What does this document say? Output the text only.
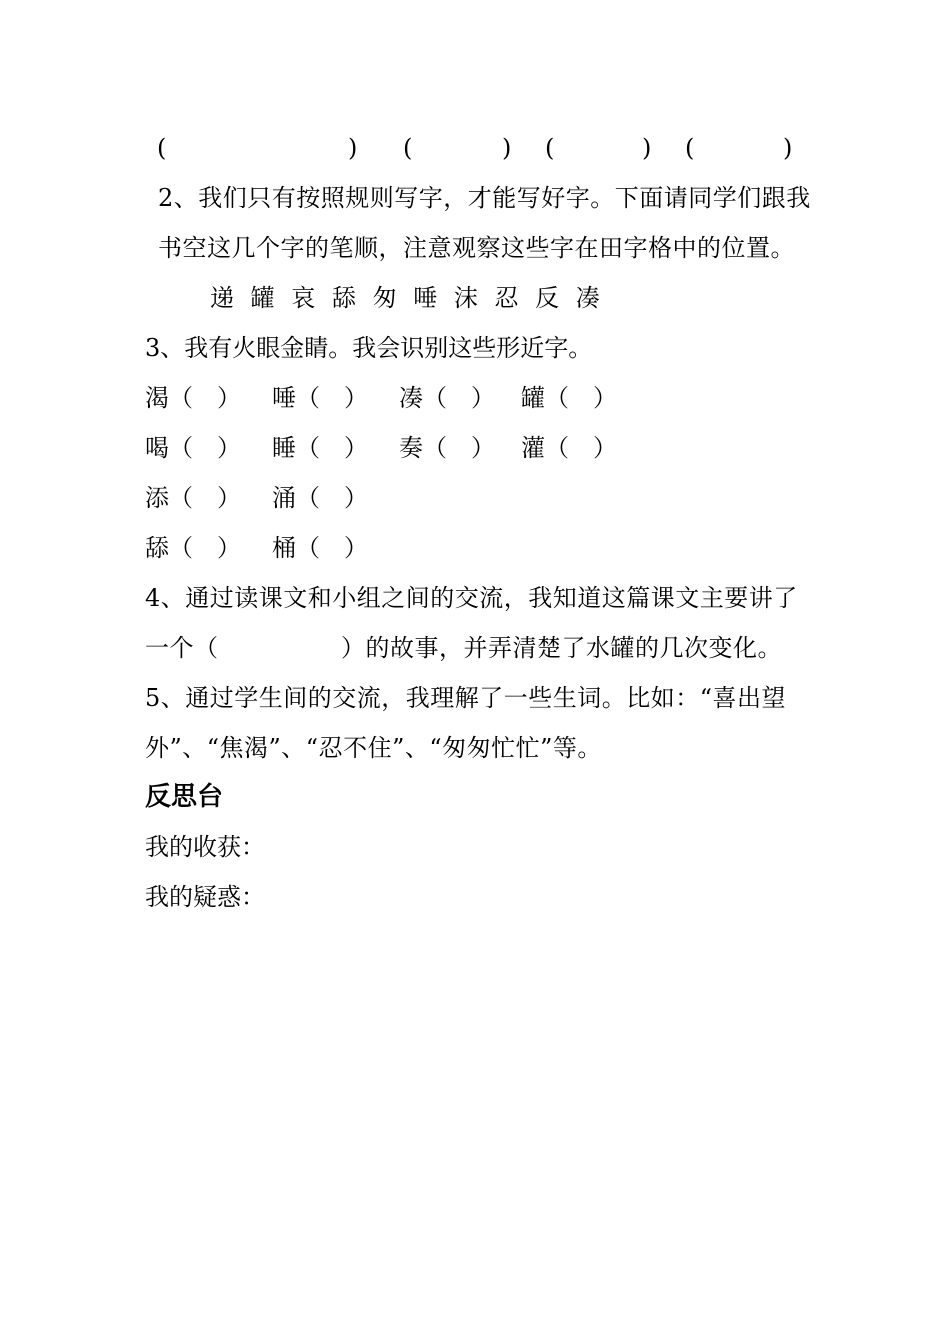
(	) (	) (	) (	)
2、我们只有按照规则写字，才能写好字。下面请同学们跟我
书空这几个字的笔顺，注意观察这些字在田字格中的位置。
递 罐 哀 舔 匆 唾 沫 忍 反 凑
3、我有火眼金睛。我会识别这些形近字。
渴（　） 唾（　） 凑（　） 罐（　）
喝（　） 睡（　） 奏（　） 灌（　）
添（　） 涌（　）
舔（　） 桶（　）
4、通过读课文和小组之间的交流，我知道这篇课文主要讲了
一个（　　　　　）的故事，并弄清楚了水罐的几次变化。
5、通过学生间的交流，我理解了一些生词。比如：“喜出望
外”、“焦渴”、“忍不住”、“匆匆忙忙”等。
反思台
我的收获：
我的疑惑：
